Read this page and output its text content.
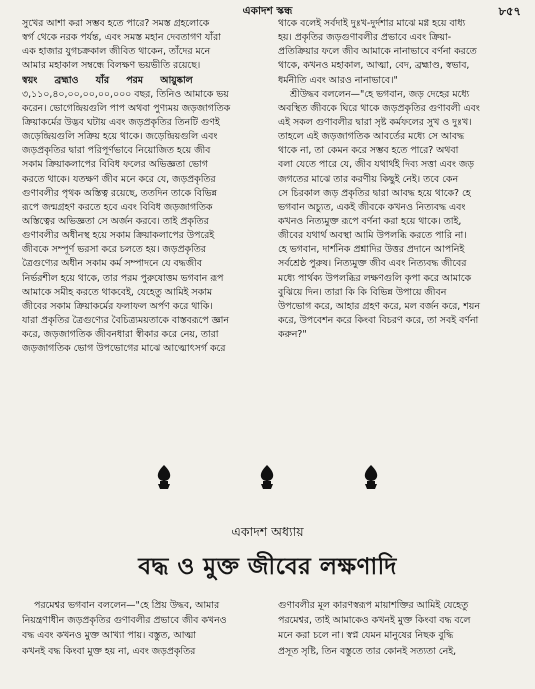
একাদশ স্কন্ধ	৮৫৭
সুখের আশা করা সম্ভব হতে পারে? সমস্ত গ্রহলোকে
স্বর্গ থেকে নরক পর্যন্ত, এবং সমস্ত মহান দেবতাগণ যাঁরা
এক হাজার যুগচক্রকাল জীবিত থাকেন, তাঁদের মনে
আমার মহাকাল সম্বন্ধে বিলক্ষণ ভয়ভীতি রয়েছে।
স্বয়ং ব্রহ্মাও যাঁর পরম আয়ুষ্কাল
৩,১১০,৪০,০০,০০,০০,০০০ বছর, তিনিও আমাকে ভয়
করেন। ভোগেন্দ্রিয়গুলি পাপ অথবা পুণ্যময় জড়জাগতিক
ক্রিয়াকর্মের উদ্ভব ঘটায় এবং জড়প্রকৃতির তিনটি গুণই
জড়েন্দ্রিয়গুলি সক্রিয় হয়ে থাকে। জড়েন্দ্রিয়গুলি এবং
জড়প্রকৃতির দ্বারা পরিপূর্ণভাবে নিয়োজিত হয়ে জীব
সকাম ক্রিয়াকলাপের বিবিধ ফলের অভিজ্ঞতা ভোগ
করতে থাকে। যতক্ষণ জীব মনে করে যে, জড়প্রকৃতির
গুণাবলীর পৃথক অস্তিত্ব রয়েছে, ততদিন তাকে বিভিন্ন
রূপে জন্মগ্রহণ করতে হবে এবং বিবিধ জড়জাগতিক
অস্তিত্বের অভিজ্ঞতা সে অর্জন করবে। তাই প্রকৃতির
গুণাবলীর অধীনস্থ হয়ে সকাম ক্রিয়াকলাপের উপরেই
জীবকে সম্পূর্ণ ভরসা করে চলতে হয়। জড়প্রকৃতির
ত্রৈগুণ্যের অধীন সকাম কর্ম সম্পাদনে যে বদ্ধজীব
নির্ভরশীল হয়ে থাকে, তার পরম পুরুষোত্তম ভগবান রূপ
আমাকে সমীহ করতে থাকবেই, যেহেতু আমিই সকাম
জীবের সকাম ক্রিয়াকর্মের ফলাফল অর্পণ করে থাকি।
যারা প্রকৃতির ত্রৈগুণ্যের বৈচিত্র্যময়তাকে বাস্তবরূপে জ্ঞান
করে, জড়জাগতিক জীবনধারা স্বীকার করে নেয়, তারা
জড়জাগতিক ভোগ উপভোগের মাঝে আত্মোৎসর্গ করে
থাকে বলেই সর্বদাই দুঃখ-দুর্দশার মাঝে মগ্ন হয়ে বাধ্য
হয়। প্রকৃতির জড়গুণাবলীর প্রভাবে এবং ক্রিয়া-
প্রতিক্রিয়ার ফলে জীব আমাকে নানাভাবে বর্ণনা করতে
থাকে, কখনও মহাকাল, আত্মা, বেদ, ব্রহ্মাণ্ড, স্বভাব,
ধর্মনীতি এবং আরও নানাভাবে।"
শ্রীউদ্ধব বললেন—"হে ভগবান, জড় দেহের মধ্যে
অবস্থিত জীবকে ঘিরে থাকে জড়প্রকৃতির গুণাবলী এবং
এই সকল গুণাবলীর দ্বারা সৃষ্ট কর্মফলের সুখ ও দুঃখ।
তাহলে এই জড়জাগতিক আবর্তের মধ্যে সে আবদ্ধ
থাকে না, তা কেমন করে সম্ভব হতে পারে? অথবা
বলা যেতে পারে যে, জীব যথার্থই দিব্য সত্তা এবং জড়
জগতের মাঝে তার করণীয় কিছুই নেই। তবে কেন
সে চিরকাল জড় প্রকৃতির দ্বারা আবদ্ধ হয়ে থাকে? হে
ভগবান অচ্যুত, একই জীবকে কখনও নিত্যবদ্ধ এবং
কখনও নিত্যমুক্ত রূপে বর্ণনা করা হয়ে থাকে। তাই,
জীবের যথার্থ অবস্থা আমি উপলব্ধি করতে পারি না।
হে ভগবান, দার্শনিক প্রশ্নাদির উত্তর প্রদানে আপনিই
সর্বশ্রেষ্ঠ পুরুষ। নিত্যমুক্ত জীব এবং নিত্যবদ্ধ জীবের
মধ্যে পার্থক্য উপলব্ধির লক্ষণগুলি কৃপা করে আমাকে
বুঝিয়ে দিন। তারা কি কি বিভিন্ন উপায়ে জীবন
উপভোগ করে, আহার গ্রহণ করে, মল বর্জন করে, শয়ন
করে, উপবেশন করে কিংবা বিচরণ করে, তা সবই বর্ণনা
করুন?"
একাদশ অধ্যায়
বদ্ধ ও মুক্ত জীবের লক্ষণাদি
পরমেশ্বর ভগবান বললেন—"হে প্রিয় উদ্ধব, আমার
নিয়ন্ত্রণাধীন জড়প্রকৃতির গুণাবলীর প্রভাবে জীব কখনও
বদ্ধ এবং কখনও মুক্ত আখ্যা পায়। বস্তুত, আত্মা
কখনই বদ্ধ কিংবা মুক্ত হয় না, এবং জড়প্রকৃতির
গুণাবলীর মূল কারণস্বরূপ মায়াশক্তির আমিই যেহেতু
পরমেশ্বর, তাই আমাকেও কখনই মুক্ত কিংবা বদ্ধ বলে
মনে করা চলে না। স্বপ্ন যেমন মানুষের নিছক বুদ্ধি
প্রসূত সৃষ্টি, তিন বস্তুতে তার কোনই সত্যতা নেই,
